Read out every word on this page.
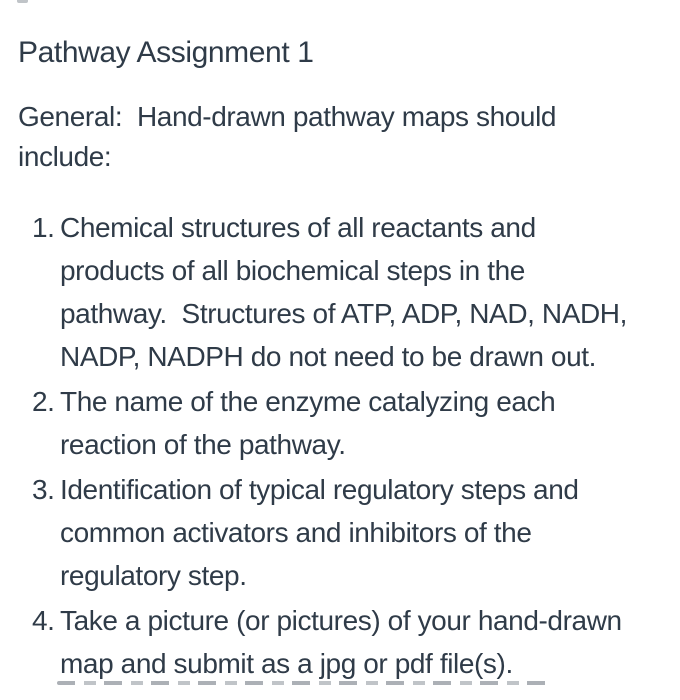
Pathway Assignment 1
General:  Hand-drawn pathway maps should
include:
1. Chemical structures of all reactants and
products of all biochemical steps in the
pathway.  Structures of ATP, ADP, NAD, NADH,
NADP, NADPH do not need to be drawn out.
2. The name of the enzyme catalyzing each
reaction of the pathway.
3. Identification of typical regulatory steps and
common activators and inhibitors of the
regulatory step.
4. Take a picture (or pictures) of your hand-drawn
map and submit as a jpg or pdf file(s).
